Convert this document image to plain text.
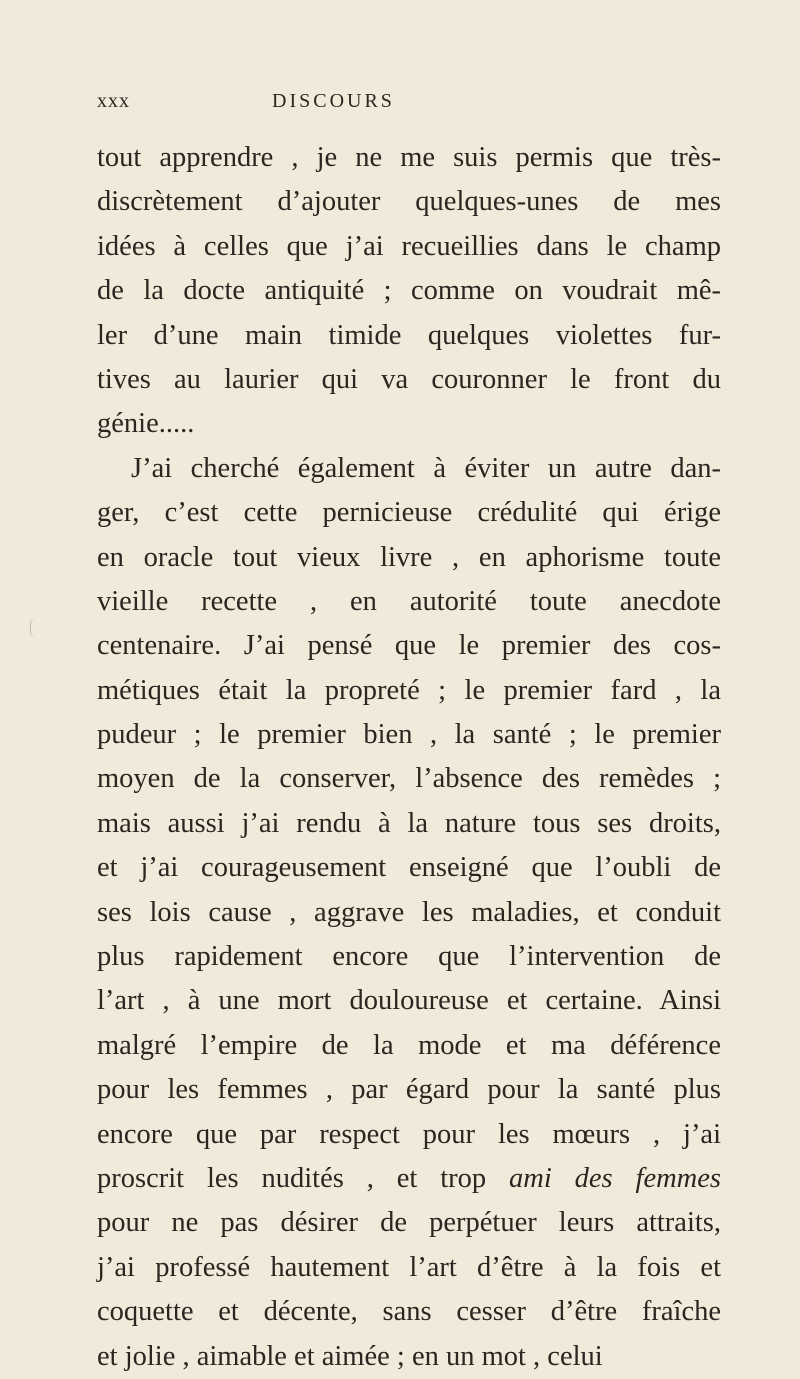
xxx	DISCOURS
tout apprendre , je ne me suis permis que très-
discrètement d’ajouter quelques-unes de mes
idées à celles que j’ai recueillies dans le champ
de la docte antiquité ; comme on voudrait mê-
ler d’une main timide quelques violettes fur-
tives au laurier qui va couronner le front du
génie.....
J’ai cherché également à éviter un autre dan-
ger, c’est cette pernicieuse crédulité qui érige
en oracle tout vieux livre , en aphorisme toute
vieille recette , en autorité toute anecdote
centenaire. J’ai pensé que le premier des cos-
métiques était la propreté ; le premier fard , la
pudeur ; le premier bien , la santé ; le premier
moyen de la conserver, l’absence des remèdes ;
mais aussi j’ai rendu à la nature tous ses droits,
et j’ai courageusement enseigné que l’oubli de
ses lois cause , aggrave les maladies, et conduit
plus rapidement encore que l’intervention de
l’art , à une mort douloureuse et certaine. Ainsi
malgré l’empire de la mode et ma déférence
pour les femmes , par égard pour la santé plus
encore que par respect pour les mœurs , j’ai
proscrit les nudités , et trop ami des femmes
pour ne pas désirer de perpétuer leurs attraits,
j’ai professé hautement l’art d’être à la fois et
coquette et décente, sans cesser d’être fraîche
et jolie , aimable et aimée ; en un mot , celui
